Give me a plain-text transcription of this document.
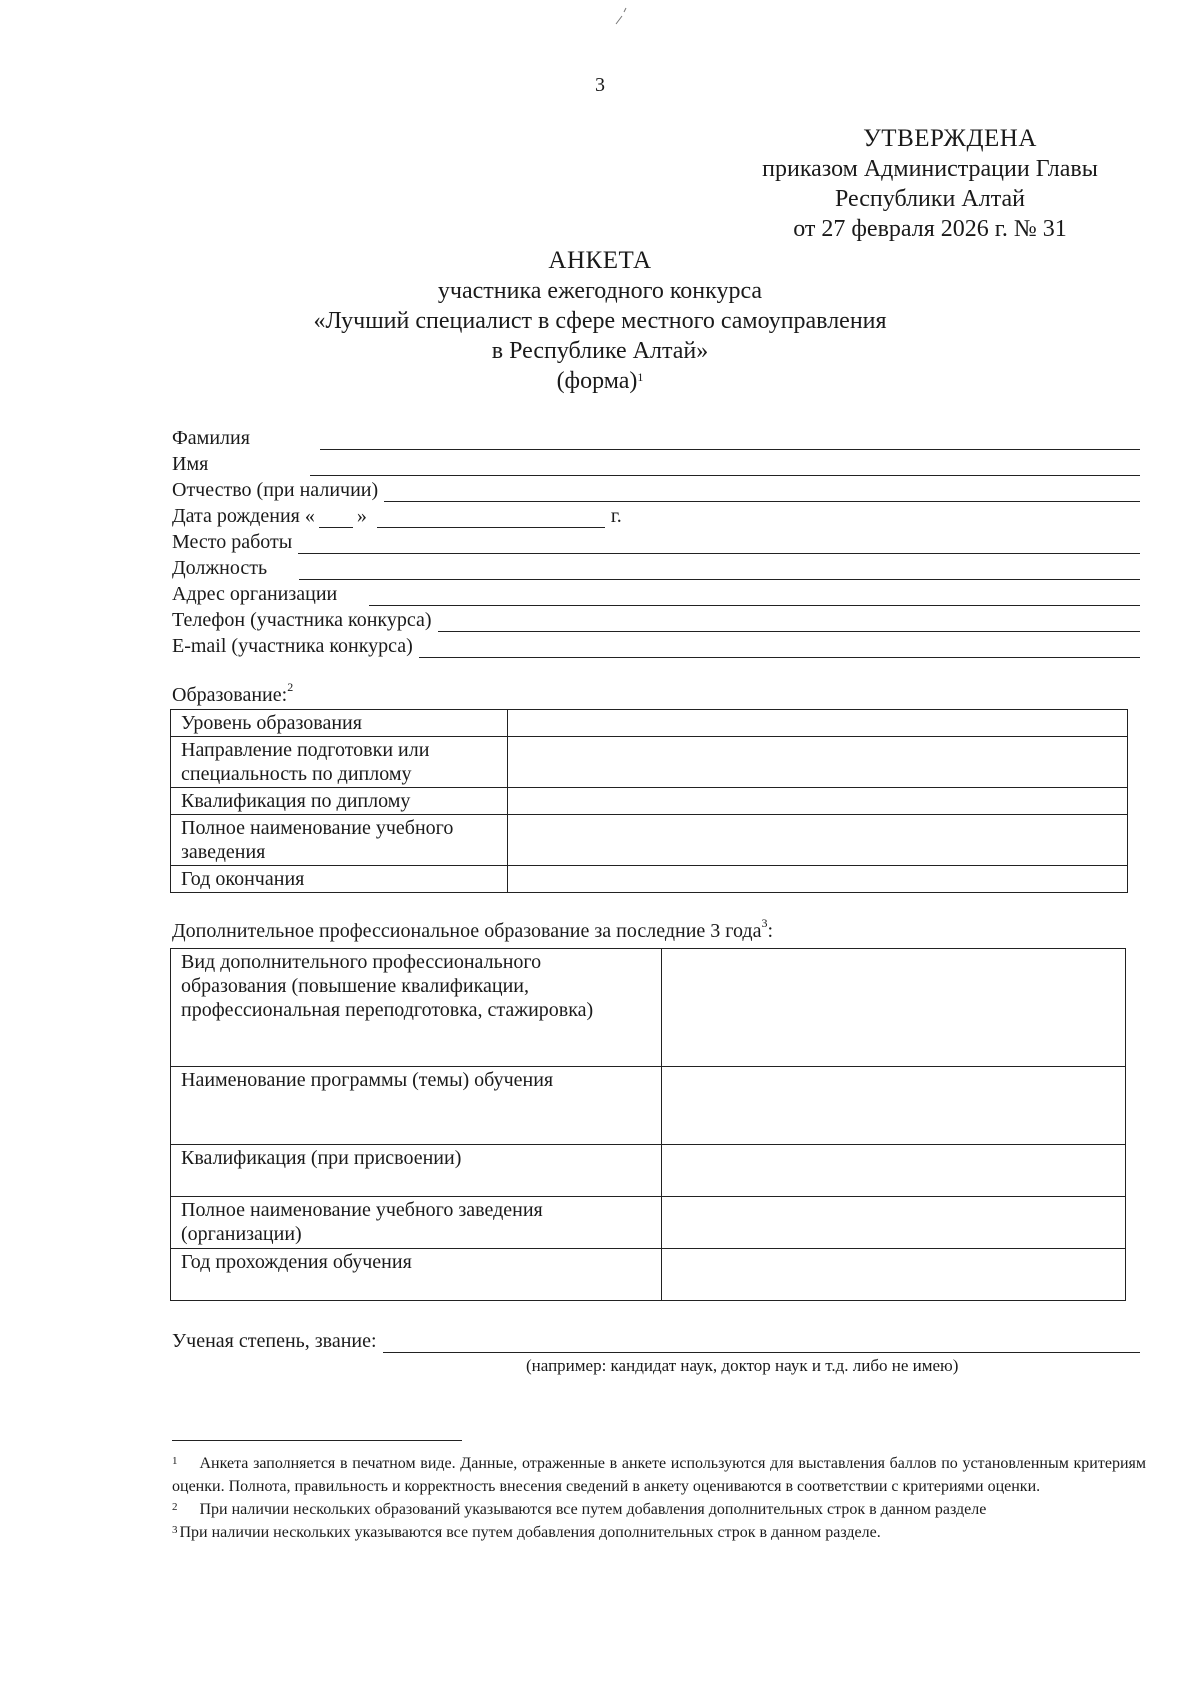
3
УТВЕРЖДЕНА
приказом Администрации Главы
Республики Алтай
от 27 февраля 2026 г. № 31
АНКЕТА
участника ежегодного конкурса
«Лучший специалист в сфере местного самоуправления
в Республике Алтай»
(форма)$^1$
Фамилия
Имя
Отчество (при наличии)
Дата рождения « »	г.
Место работы
Должность
Адрес организации
Телефон (участника конкурса)
E-mail (участника конкурса)
Образование:$^2$
Уровень образования	
Направление подготовки или специальность по диплому	
Квалификация по диплому	
Полное наименование учебного заведения	
Год окончания	
Дополнительное профессиональное образование за последние 3 года$^3$:
Вид дополнительного профессионального образования (повышение квалификации, профессиональная переподготовка, стажировка)	
Наименование программы (темы) обучения	
Квалификация (при присвоении)	
Полное наименование учебного заведения (организации)	
Год прохождения обучения	
Ученая степень, звание:
(например: кандидат наук, доктор наук и т.д. либо не имею)

$^1$ Анкета заполняется в печатном виде. Данные, отраженные в анкете используются для выставления баллов по установленным критериям оценки. Полнота, правильность и корректность внесения сведений в анкету оцениваются в соответствии с критериями оценки.

$^2$ При наличии нескольких образований указываются все путем добавления дополнительных строк в данном разделе

$^3$ При наличии нескольких указываются все путем добавления дополнительных строк в данном разделе.
